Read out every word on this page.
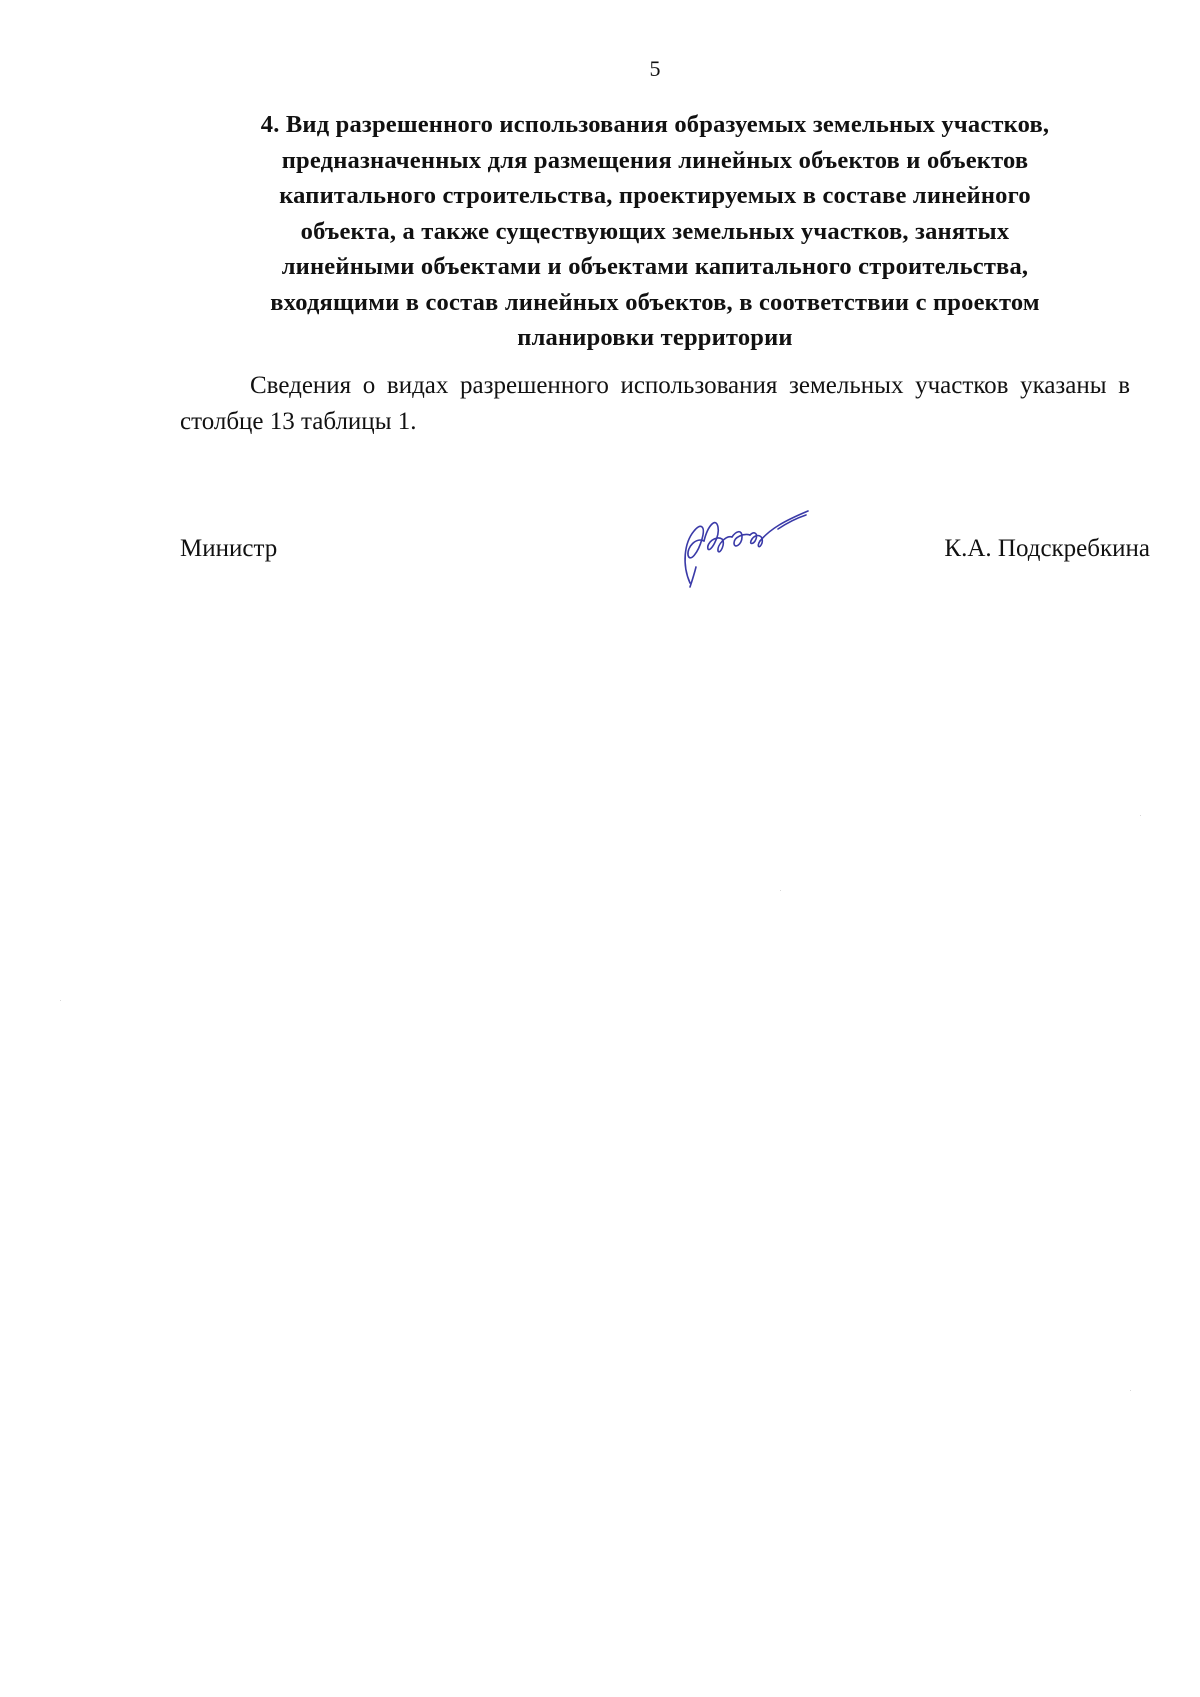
5
4. Вид разрешенного использования образуемых земельных участков,
предназначенных для размещения линейных объектов и объектов
капитального строительства, проектируемых в составе линейного
объекта, а также существующих земельных участков, занятых
линейными объектами и объектами капитального строительства,
входящими в состав линейных объектов, в соответствии с проектом
планировки территории

Сведения о видах разрешенного использования земельных участков указаны в столбце 13 таблицы 1.

Министр	К.А. Подскребкина
